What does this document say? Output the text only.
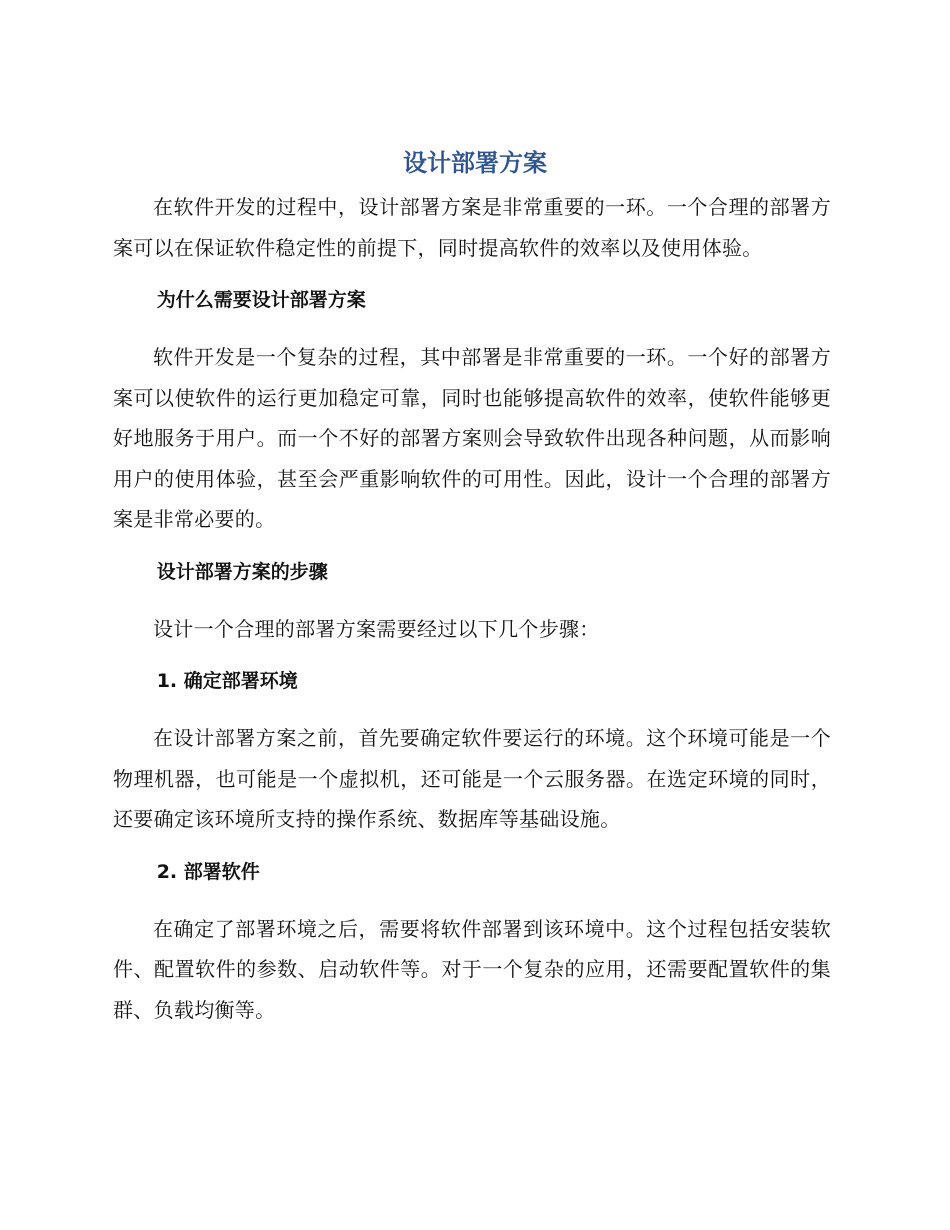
设计部署方案

在软件开发的过程中，设计部署方案是非常重要的一环。一个合理的部署方案可以在保证软件稳定性的前提下，同时提高软件的效率以及使用体验。

为什么需要设计部署方案

软件开发是一个复杂的过程，其中部署是非常重要的一环。一个好的部署方案可以使软件的运行更加稳定可靠，同时也能够提高软件的效率，使软件能够更好地服务于用户。而一个不好的部署方案则会导致软件出现各种问题，从而影响用户的使用体验，甚至会严重影响软件的可用性。因此，设计一个合理的部署方案是非常必要的。

设计部署方案的步骤

设计一个合理的部署方案需要经过以下几个步骤：

1. 确定部署环境

在设计部署方案之前，首先要确定软件要运行的环境。这个环境可能是一个物理机器，也可能是一个虚拟机，还可能是一个云服务器。在选定环境的同时，还要确定该环境所支持的操作系统、数据库等基础设施。

2. 部署软件

在确定了部署环境之后，需要将软件部署到该环境中。这个过程包括安装软件、配置软件的参数、启动软件等。对于一个复杂的应用，还需要配置软件的集群、负载均衡等。
